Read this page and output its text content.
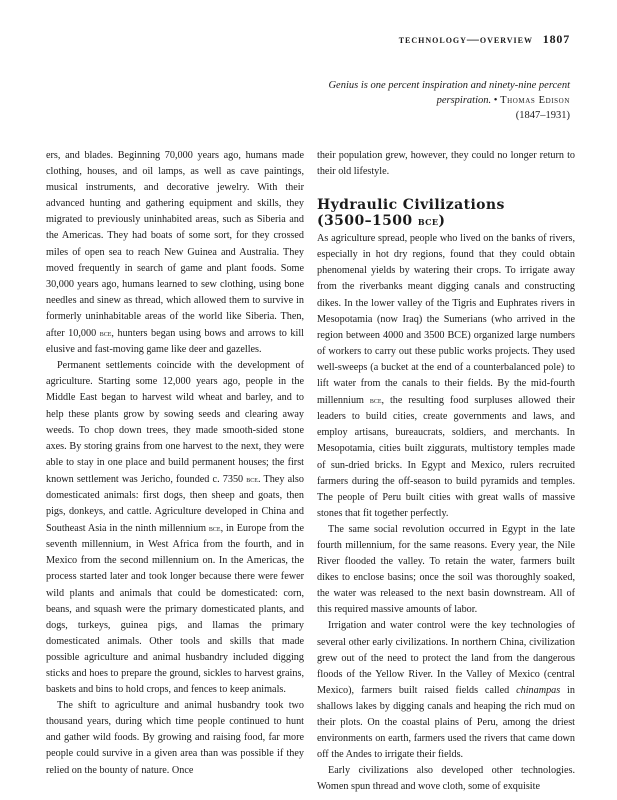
technology—overview 1807
Genius is one percent inspiration and ninety-nine percent perspiration. • Thomas Edison
(1847–1931)

ers, and blades. Beginning 70,000 years ago, humans made clothing, houses, and oil lamps, as well as cave paintings, musical instruments, and decorative jewelry. With their advanced hunting and gathering equipment and skills, they migrated to previously uninhabited areas, such as Siberia and the Americas. They had boats of some sort, for they crossed miles of open sea to reach New Guinea and Australia. They moved frequently in search of game and plant foods. Some 30,000 years ago, humans learned to sew clothing, using bone needles and sinew as thread, which allowed them to survive in formerly uninhabitable areas of the world like Siberia. Then, after 10,000 bce, hunters began using bows and arrows to kill elusive and fast-moving game like deer and gazelles.

Permanent settlements coincide with the development of agriculture. Starting some 12,000 years ago, people in the Middle East began to harvest wild wheat and barley, and to help these plants grow by sowing seeds and clearing away weeds. To chop down trees, they made smooth-sided stone axes. By storing grains from one harvest to the next, they were able to stay in one place and build permanent houses; the first known settlement was Jericho, founded c. 7350 bce. They also domesticated animals: first dogs, then sheep and goats, then pigs, donkeys, and cattle. Agriculture developed in China and Southeast Asia in the ninth millennium bce, in Europe from the seventh millennium, in West Africa from the fourth, and in Mexico from the second millennium on. In the Americas, the process started later and took longer because there were fewer wild plants and animals that could be domesticated: corn, beans, and squash were the primary domesticated plants, and dogs, turkeys, guinea pigs, and llamas the primary domesticated animals. Other tools and skills that made possible agriculture and animal husbandry included digging sticks and hoes to prepare the ground, sickles to harvest grains, baskets and bins to hold crops, and fences to keep animals.

The shift to agriculture and animal husbandry took two thousand years, during which time people continued to hunt and gather wild foods. By growing and raising food, far more people could survive in a given area than was possible if they relied on the bounty of nature. Once

their population grew, however, they could no longer return to their old lifestyle.

Hydraulic Civilizations
(3500–1500 bce)

As agriculture spread, people who lived on the banks of rivers, especially in hot dry regions, found that they could obtain phenomenal yields by watering their crops. To irrigate away from the riverbanks meant digging canals and constructing dikes. In the lower valley of the Tigris and Euphrates rivers in Mesopotamia (now Iraq) the Sumerians (who arrived in the region between 4000 and 3500 BCE) organized large numbers of workers to carry out these public works projects. They used well-sweeps (a bucket at the end of a counterbalanced pole) to lift water from the canals to their fields. By the mid-fourth millennium bce, the resulting food surpluses allowed their leaders to build cities, create governments and laws, and employ artisans, bureaucrats, soldiers, and merchants. In Mesopotamia, cities built ziggurats, multistory temples made of sun-dried bricks. In Egypt and Mexico, rulers recruited farmers during the off-season to build pyramids and temples. The people of Peru built cities with great walls of massive stones that fit together perfectly.

The same social revolution occurred in Egypt in the late fourth millennium, for the same reasons. Every year, the Nile River flooded the valley. To retain the water, farmers built dikes to enclose basins; once the soil was thoroughly soaked, the water was released to the next basin downstream. All of this required massive amounts of labor.

Irrigation and water control were the key technologies of several other early civilizations. In northern China, civilization grew out of the need to protect the land from the dangerous floods of the Yellow River. In the Valley of Mexico (central Mexico), farmers built raised fields called chinampas in shallows lakes by digging canals and heaping the rich mud on their plots. On the coastal plains of Peru, among the driest environments on earth, farmers used the rivers that came down off the Andes to irrigate their fields.

Early civilizations also developed other technologies. Women spun thread and wove cloth, some of exquisite
